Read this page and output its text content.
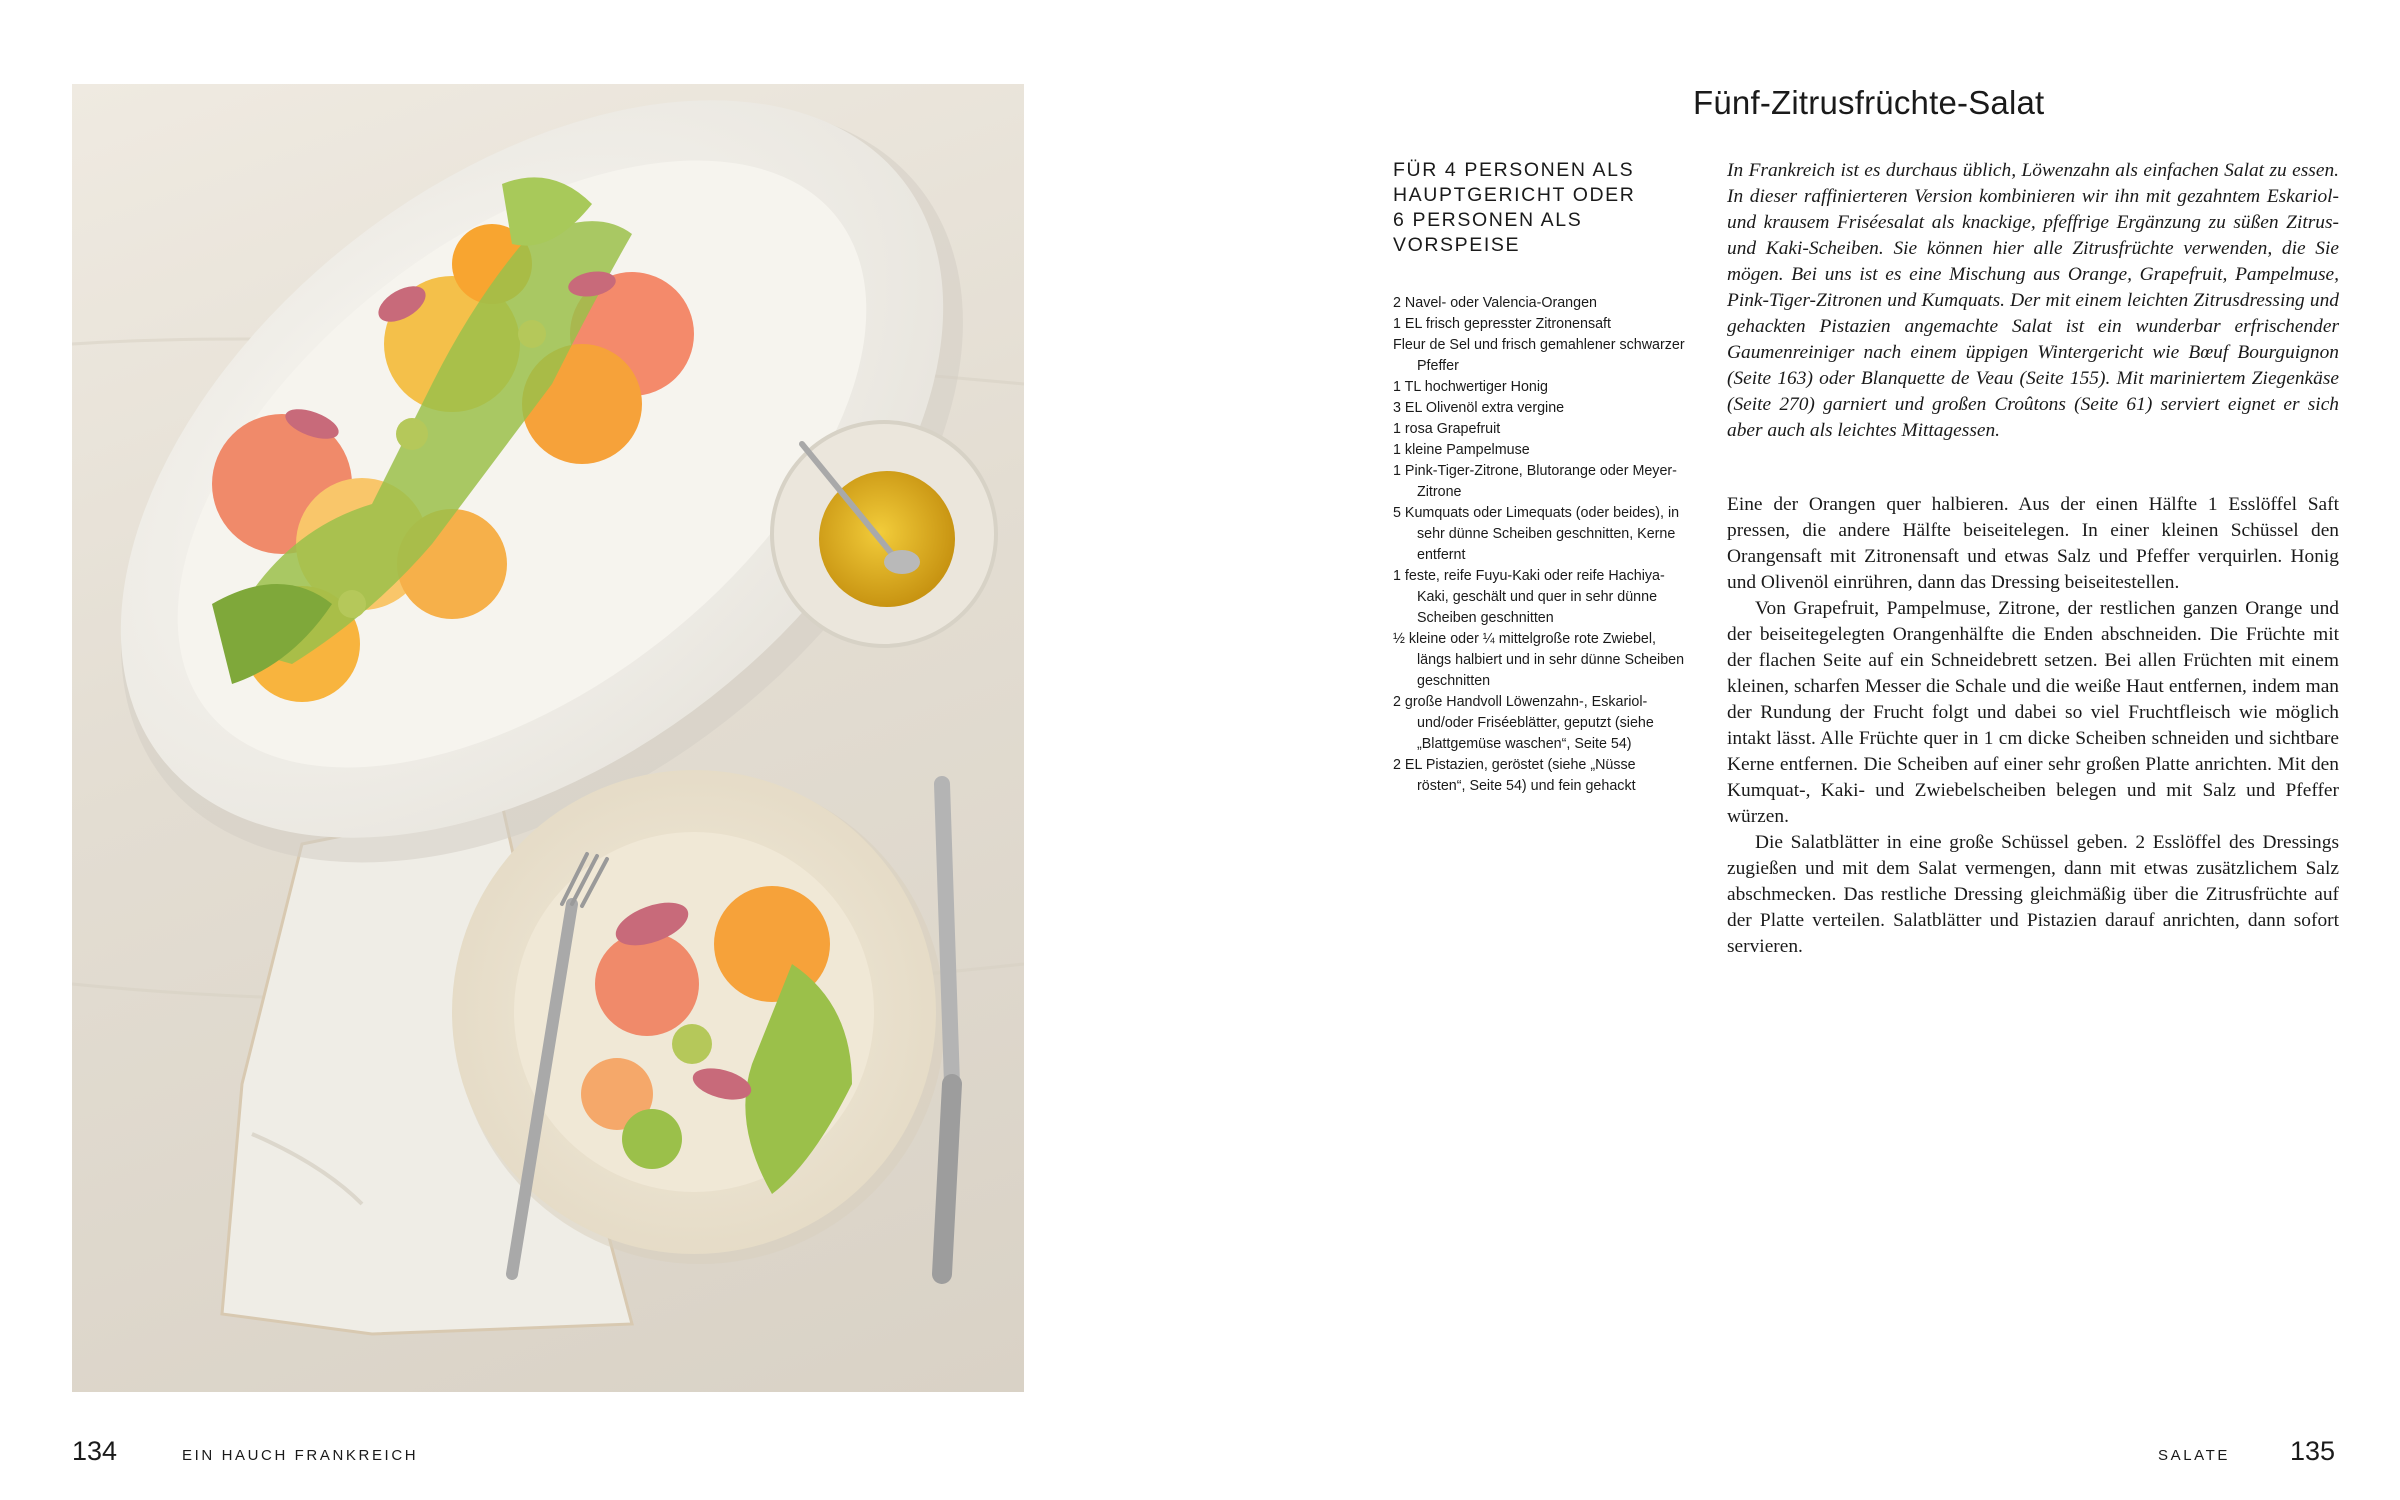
Fünf-Zitrusfrüchte-Salat

FÜR 4 PERSONEN ALS HAUPTGERICHT ODER 6 PERSONEN ALS VORSPEISE

2 Navel- oder Valencia-Orangen
1 EL frisch gepresster Zitronensaft
Fleur de Sel und frisch gemahlener schwarzer Pfeffer
1 TL hochwertiger Honig
3 EL Olivenöl extra vergine
1 rosa Grapefruit
1 kleine Pampelmuse
1 Pink-Tiger-Zitrone, Blutorange oder Meyer-Zitrone
5 Kumquats oder Limequats (oder beides), in sehr dünne Scheiben geschnitten, Kerne entfernt
1 feste, reife Fuyu-Kaki oder reife Hachiya-Kaki, geschält und quer in sehr dünne Scheiben geschnitten
½ kleine oder ¼ mittelgroße rote Zwiebel, längs halbiert und in sehr dünne Scheiben geschnitten
2 große Handvoll Löwenzahn-, Eskariol- und/oder Friséeblätter, geputzt (siehe „Blattgemüse waschen“, Seite 54)
2 EL Pistazien, geröstet (siehe „Nüsse rösten“, Seite 54) und fein gehackt

In Frankreich ist es durchaus üblich, Löwenzahn als einfachen Salat zu essen. In dieser raffinierteren Version kombinieren wir ihn mit gezahntem Eskariol- und krausem Friséesalat als knackige, pfeffrige Ergänzung zu süßen Zitrus- und Kaki-Scheiben. Sie können hier alle Zitrusfrüchte verwenden, die Sie mögen. Bei uns ist es eine Mischung aus Orange, Grapefruit, Pampelmuse, Pink-Tiger-Zitronen und Kumquats. Der mit einem leichten Zitrusdressing und gehackten Pistazien angemachte Salat ist ein wunderbar erfrischender Gaumenreiniger nach einem üppigen Wintergericht wie Bœuf Bourguignon (Seite 163) oder Blanquette de Veau (Seite 155). Mit mariniertem Ziegenkäse (Seite 270) garniert und großen Croûtons (Seite 61) serviert eignet er sich aber auch als leichtes Mittagessen.

Eine der Orangen quer halbieren. Aus der einen Hälfte 1 Esslöffel Saft pressen, die andere Hälfte beiseitelegen. In einer kleinen Schüssel den Orangensaft mit Zitronensaft und etwas Salz und Pfeffer verquirlen. Honig und Olivenöl einrühren, dann das Dressing beiseitestellen.

Von Grapefruit, Pampelmuse, Zitrone, der restlichen ganzen Orange und der beiseitegelegten Orangenhälfte die Enden abschneiden. Die Früchte mit der flachen Seite auf ein Schneidebrett setzen. Bei allen Früchten mit einem kleinen, scharfen Messer die Schale und die weiße Haut entfernen, indem man der Rundung der Frucht folgt und dabei so viel Fruchtfleisch wie möglich intakt lässt. Alle Früchte quer in 1 cm dicke Scheiben schneiden und sichtbare Kerne entfernen. Die Scheiben auf einer sehr großen Platte anrichten. Mit den Kumquat-, Kaki- und Zwiebelscheiben belegen und mit Salz und Pfeffer würzen.

Die Salatblätter in eine große Schüssel geben. 2 Esslöffel des Dressings zugießen und mit dem Salat vermengen, dann mit etwas zusätzlichem Salz abschmecken. Das restliche Dressing gleichmäßig über die Zitrusfrüchte auf der Platte verteilen. Salatblätter und Pistazien darauf anrichten, dann sofort servieren.

134	EIN HAUCH FRANKREICH	SALATE 135
